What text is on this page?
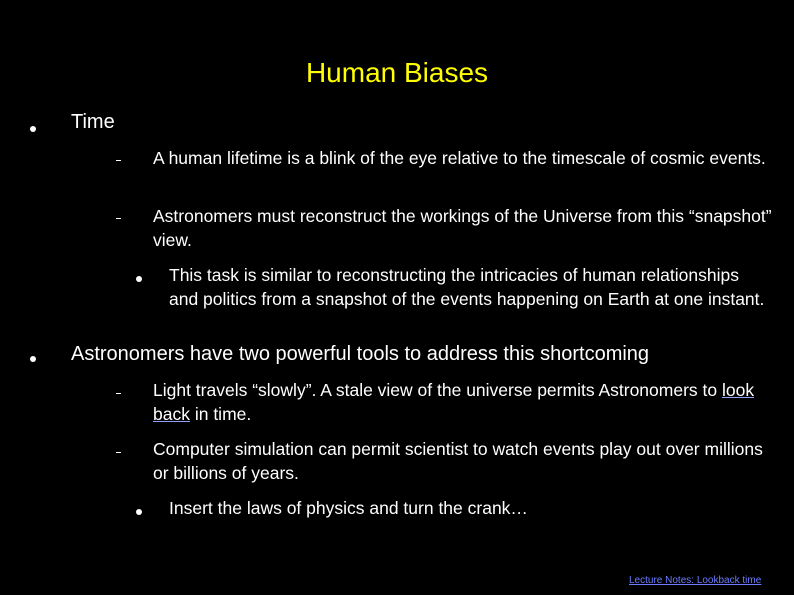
Human Biases
Time
A human lifetime is a blink of the eye relative to the timescale of cosmic events.
Astronomers must reconstruct the workings of the Universe from this “snapshot” view.
This task is similar to reconstructing the intricacies of human relationships and politics from a snapshot of the events happening on Earth at one instant.
Astronomers have two powerful tools to address this shortcoming
Light travels “slowly”. A stale view of the universe permits Astronomers to look back in time.
Computer simulation can permit scientist to watch events play out over millions or billions of years.
Insert the laws of physics and turn the crank…
Lecture Notes: Lookback time
